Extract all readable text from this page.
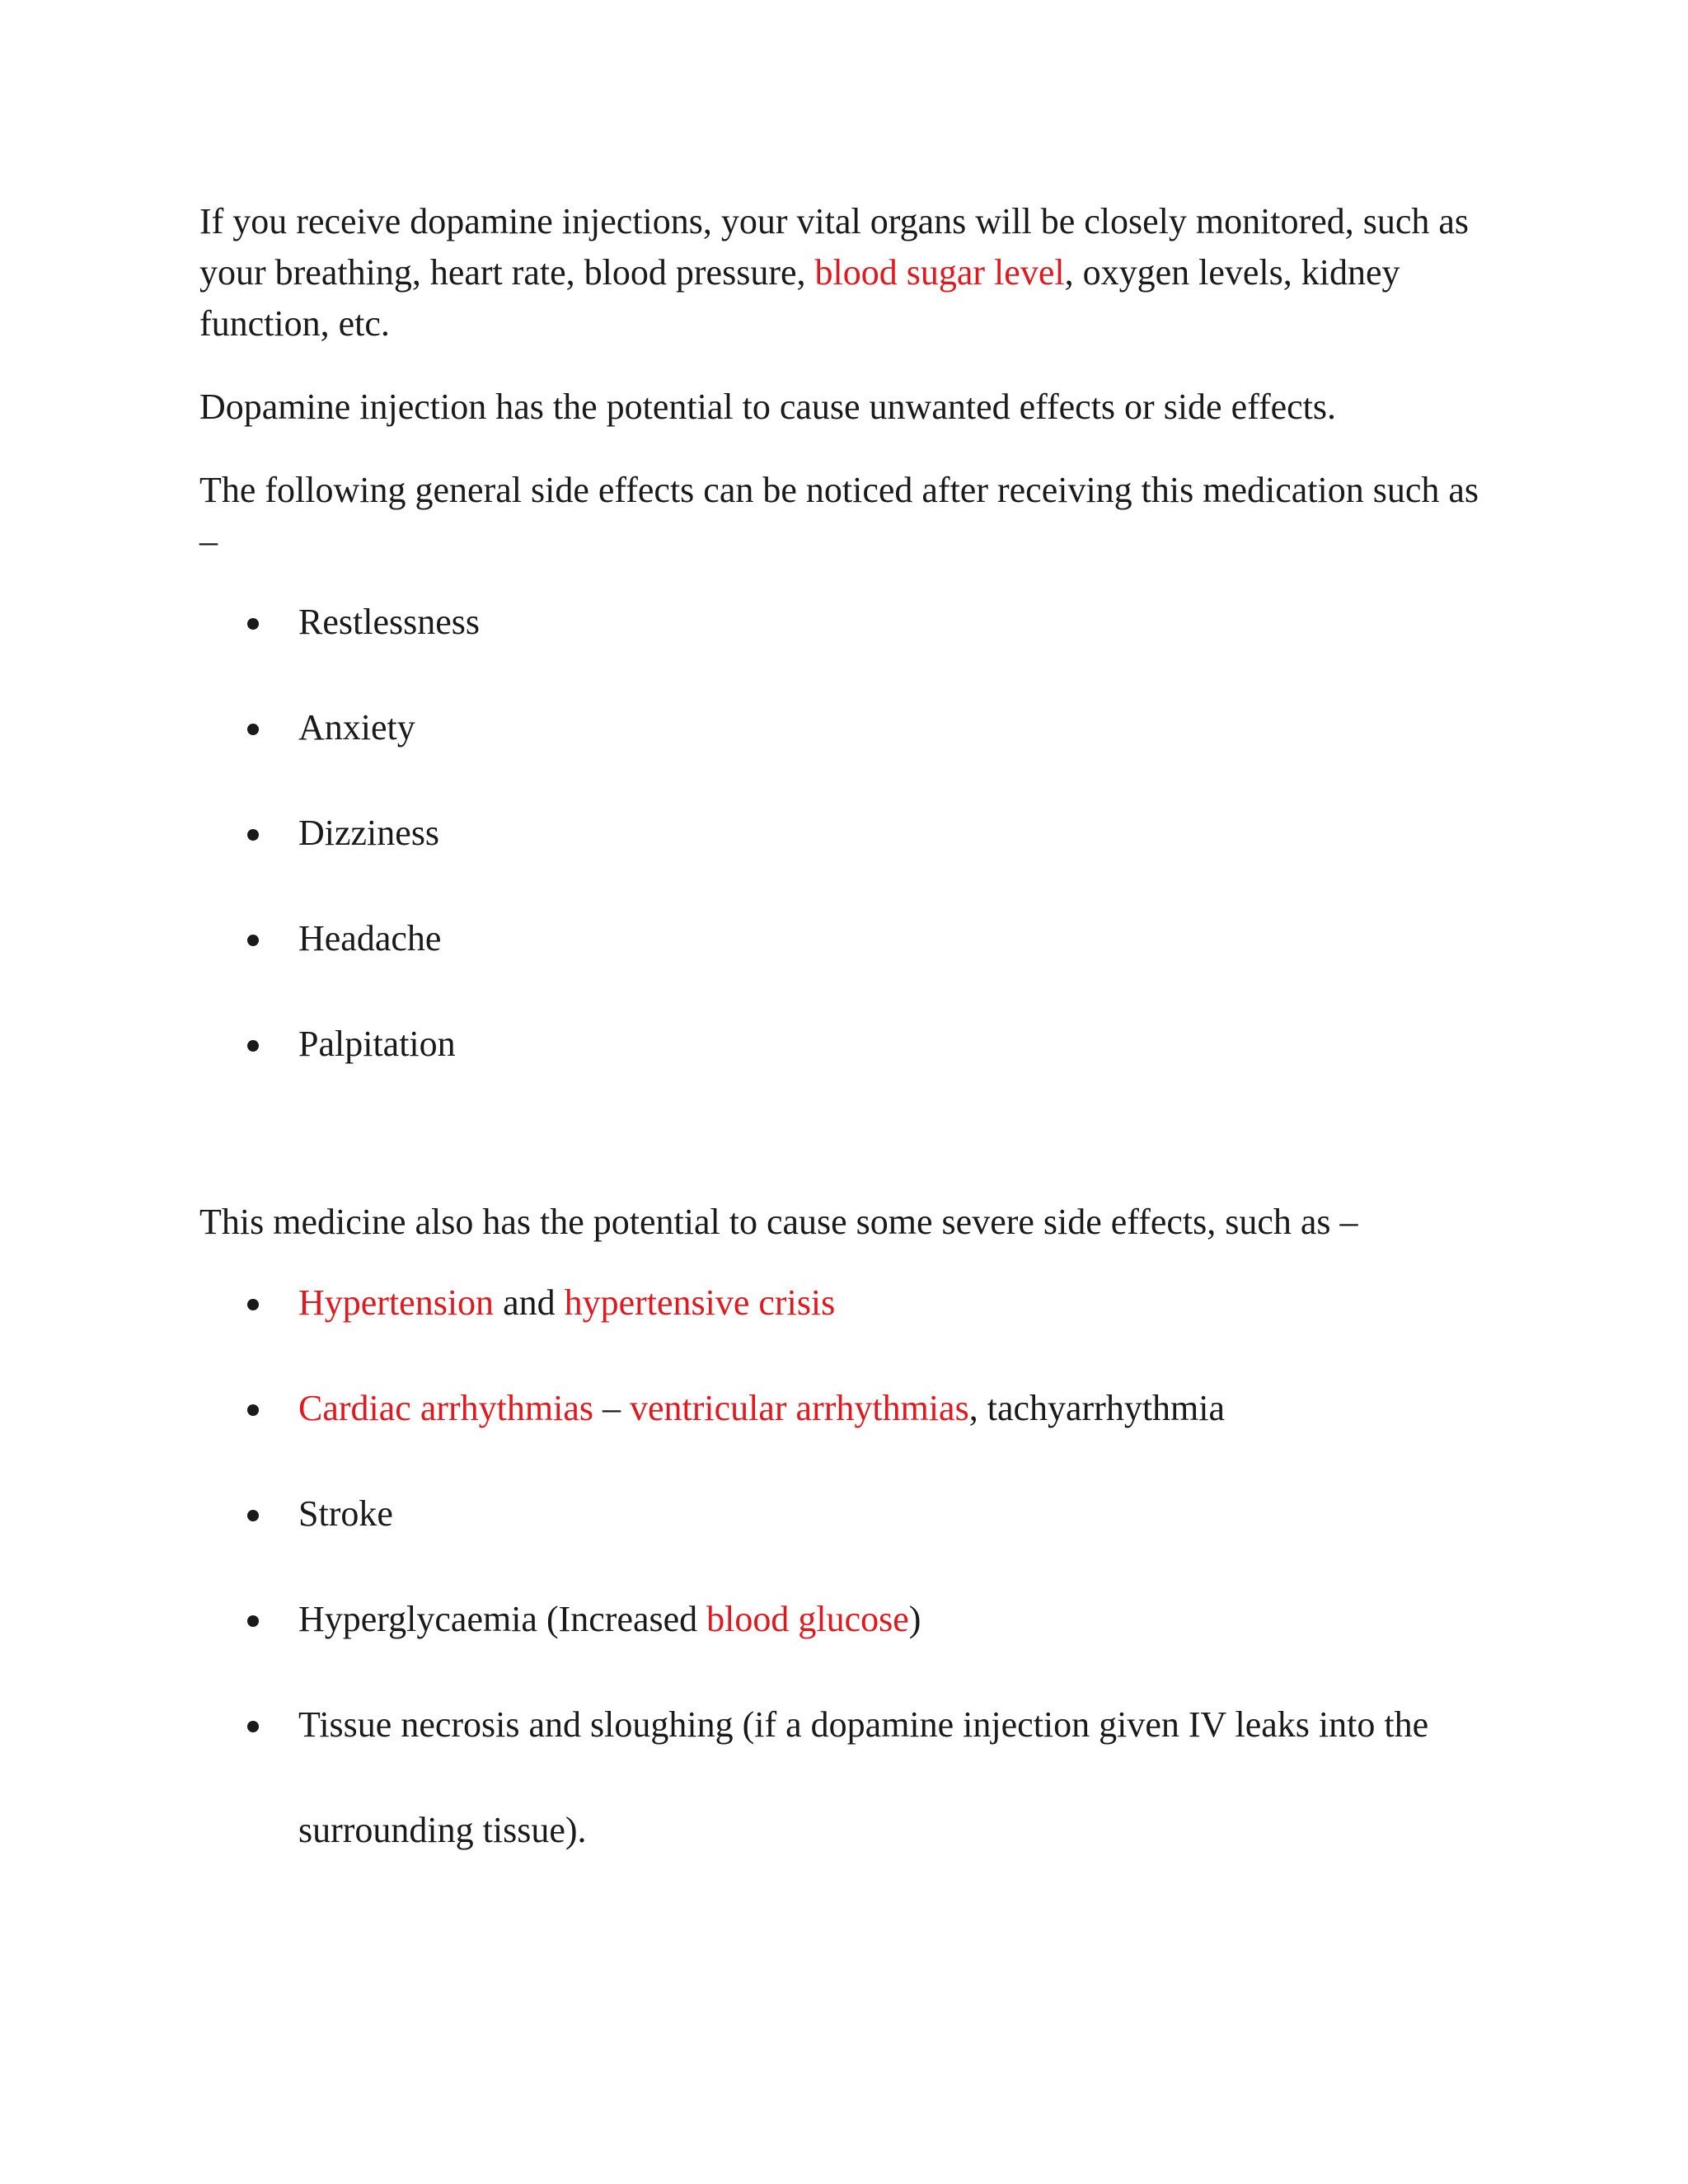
If you receive dopamine injections, your vital organs will be closely monitored, such as your breathing, heart rate, blood pressure, blood sugar level, oxygen levels, kidney function, etc.

Dopamine injection has the potential to cause unwanted effects or side effects.

The following general side effects can be noticed after receiving this medication such as –

Restlessness
Anxiety
Dizziness
Headache
Palpitation

This medicine also has the potential to cause some severe side effects, such as –

Hypertension and hypertensive crisis
Cardiac arrhythmias – ventricular arrhythmias, tachyarrhythmia
Stroke
Hyperglycaemia (Increased blood glucose)
Tissue necrosis and sloughing (if a dopamine injection given IV leaks into the surrounding tissue).
